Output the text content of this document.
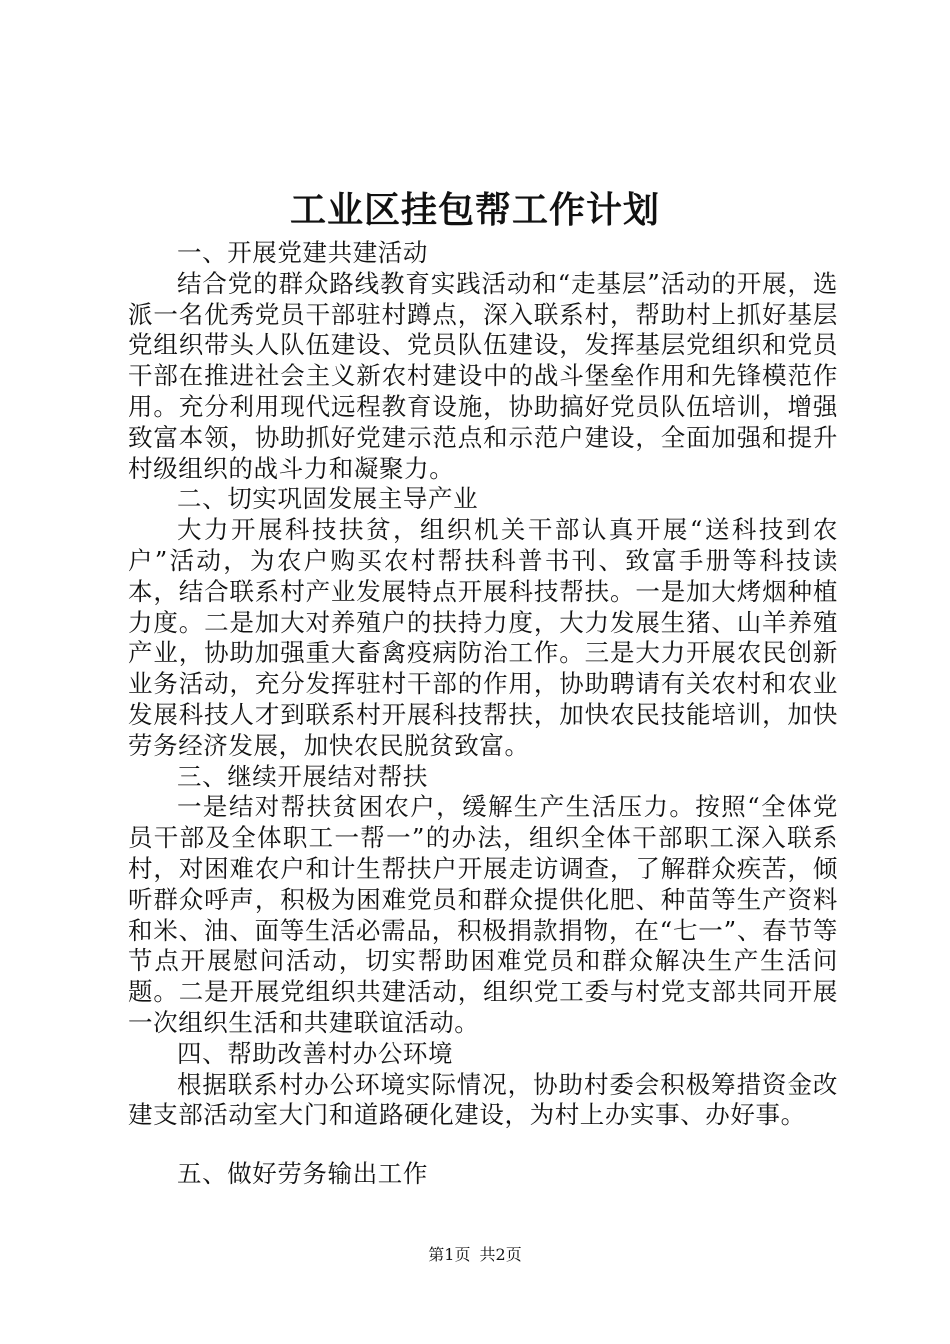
工业区挂包帮工作计划

一、开展党建共建活动

结合党的群众路线教育实践活动和“走基层”活动的开展，选派一名优秀党员干部驻村蹲点，深入联系村，帮助村上抓好基层党组织带头人队伍建设、党员队伍建设，发挥基层党组织和党员干部在推进社会主义新农村建设中的战斗堡垒作用和先锋模范作用。充分利用现代远程教育设施，协助搞好党员队伍培训，增强致富本领，协助抓好党建示范点和示范户建设，全面加强和提升村级组织的战斗力和凝聚力。

二、切实巩固发展主导产业

大力开展科技扶贫，组织机关干部认真开展“送科技到农户”活动，为农户购买农村帮扶科普书刊、致富手册等科技读本，结合联系村产业发展特点开展科技帮扶。一是加大烤烟种植力度。二是加大对养殖户的扶持力度，大力发展生猪、山羊养殖产业，协助加强重大畜禽疫病防治工作。三是大力开展农民创新业务活动，充分发挥驻村干部的作用，协助聘请有关农村和农业发展科技人才到联系村开展科技帮扶，加快农民技能培训，加快劳务经济发展，加快农民脱贫致富。

三、继续开展结对帮扶

一是结对帮扶贫困农户，缓解生产生活压力。按照“全体党员干部及全体职工一帮一”的办法，组织全体干部职工深入联系村，对困难农户和计生帮扶户开展走访调查，了解群众疾苦，倾听群众呼声，积极为困难党员和群众提供化肥、种苗等生产资料和米、油、面等生活必需品，积极捐款捐物，在“七一”、春节等节点开展慰问活动，切实帮助困难党员和群众解决生产生活问题。二是开展党组织共建活动，组织党工委与村党支部共同开展一次组织生活和共建联谊活动。

四、帮助改善村办公环境

根据联系村办公环境实际情况，协助村委会积极筹措资金改建支部活动室大门和道路硬化建设，为村上办实事、办好事。

五、做好劳务输出工作

第1页 共2页
